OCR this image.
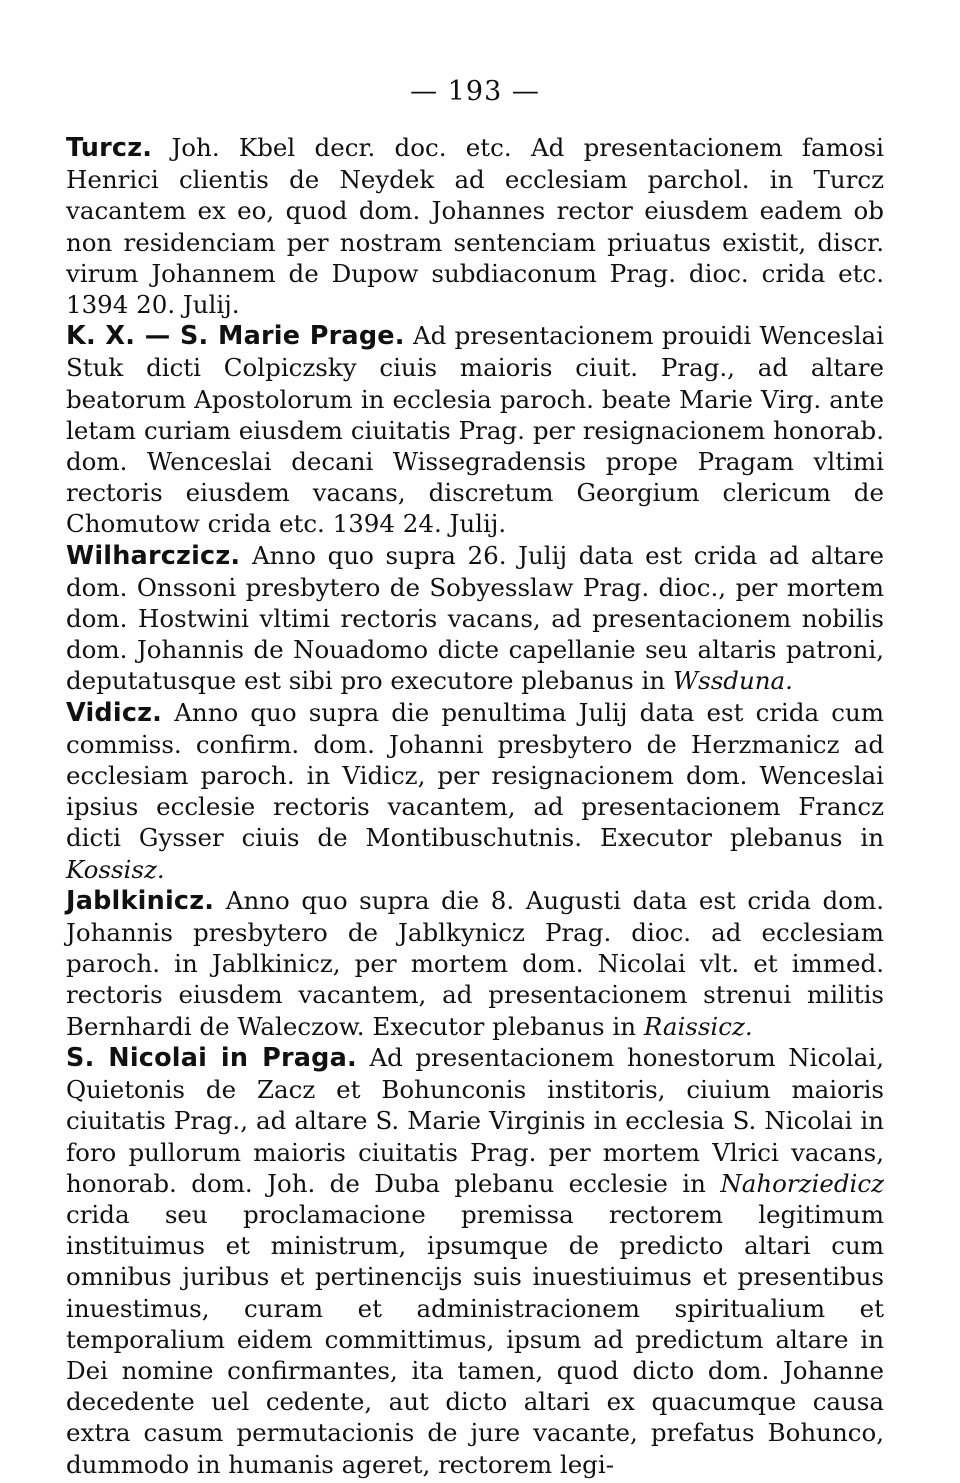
— 193 —

Turcz. Joh. Kbel decr. doc. etc. Ad presentacionem famosi Henrici clientis de Neydek ad ecclesiam parchol. in Turcz vacantem ex eo, quod dom. Johannes rector eiusdem eadem ob non residenciam per nostram sentenciam priuatus existit, discr. virum Johannem de Dupow subdiaconum Prag. dioc. crida etc. 1394 20. Julij.

K. X. — S. Marie Prage. Ad presentacionem prouidi Wenceslai Stuk dicti Colpiczsky ciuis maioris ciuit. Prag., ad altare beatorum Apostolorum in ecclesia paroch. beate Marie Virg. ante letam curiam eiusdem ciuitatis Prag. per resignacionem honorab. dom. Wenceslai decani Wissegradensis prope Pragam vltimi rectoris eiusdem vacans, discretum Georgium clericum de Chomutow crida etc. 1394 24. Julij.

Wilharczicz. Anno quo supra 26. Julij data est crida ad altare dom. Onssoni presbytero de Sobyesslaw Prag. dioc., per mortem dom. Hostwini vltimi rectoris vacans, ad presentacionem nobilis dom. Johannis de Nouadomo dicte capellanie seu altaris patroni, deputatusque est sibi pro executore plebanus in Wssduna.

Vidicz. Anno quo supra die penultima Julij data est crida cum commiss. confirm. dom. Johanni presbytero de Herzmanicz ad ecclesiam paroch. in Vidicz, per resignacionem dom. Wenceslai ipsius ecclesie rectoris vacantem, ad presentacionem Francz dicti Gysser ciuis de Montibuschutnis. Executor plebanus in Kossisz.

Jablkinicz. Anno quo supra die 8. Augusti data est crida dom. Johannis presbytero de Jablkynicz Prag. dioc. ad ecclesiam paroch. in Jablkinicz, per mortem dom. Nicolai vlt. et immed. rectoris eiusdem vacantem, ad presentacionem strenui militis Bernhardi de Waleczow. Executor plebanus in Raissicz.

S. Nicolai in Praga. Ad presentacionem honestorum Nicolai, Quietonis de Zacz et Bohunconis institoris, ciuium maioris ciuitatis Prag., ad altare S. Marie Virginis in ecclesia S. Nicolai in foro pullorum maioris ciuitatis Prag. per mortem Vlrici vacans, honorab. dom. Joh. de Duba plebanu ecclesie in Nahorziedicz crida seu proclamacione premissa rectorem legitimum instituimus et ministrum, ipsumque de predicto altari cum omnibus juribus et pertinencijs suis inuestiuimus et presentibus inuestimus, curam et administracionem spiritualium et temporalium eidem committimus, ipsum ad predictum altare in Dei nomine confirmantes, ita tamen, quod dicto dom. Johanne decedente uel cedente, aut dicto altari ex quacumque causa extra casum permutacionis de jure vacante, prefatus Bohunco, dummodo in humanis ageret, rectorem legi-
